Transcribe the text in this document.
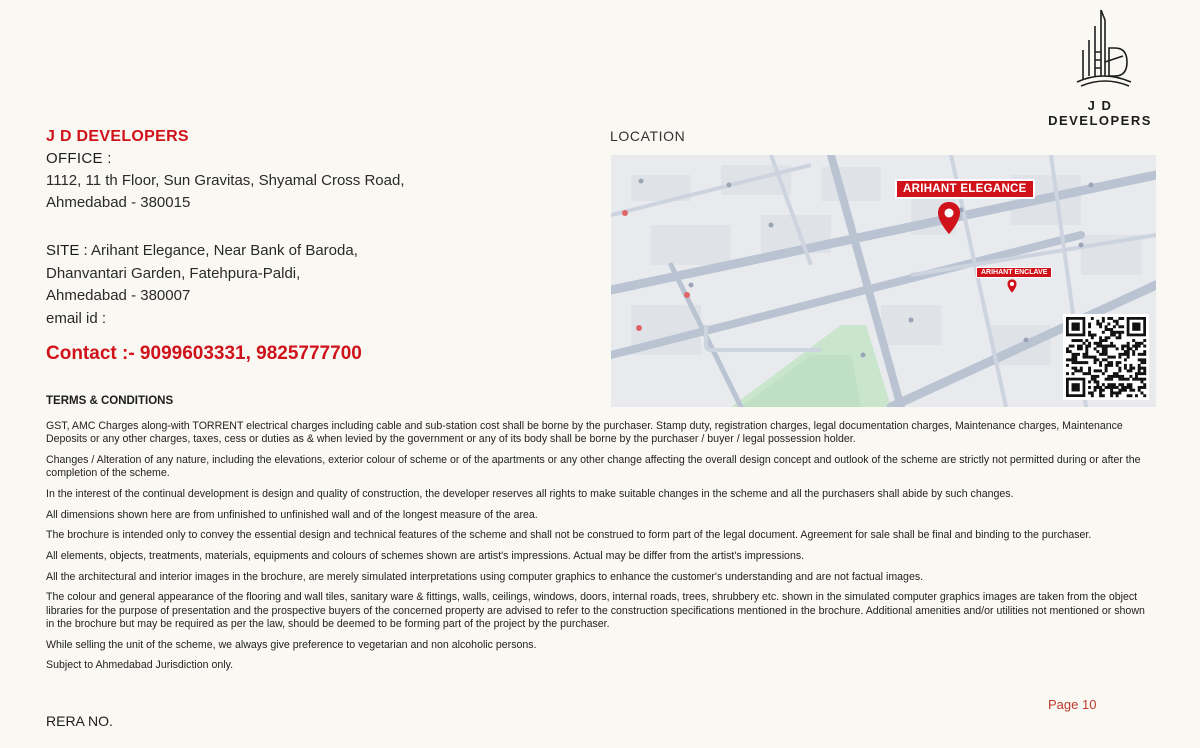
J D DEVELOPERS
J D DEVELOPERS
OFFICE :
1112, 11 th Floor, Sun Gravitas, Shyamal Cross Road,
Ahmedabad - 380015
SITE : Arihant Elegance, Near Bank of Baroda,
Dhanvantari Garden, Fatehpura-Paldi,
Ahmedabad - 380007
email id :
Contact :- 9099603331, 9825777700
LOCATION
ARIHANT ELEGANCE
ARIHANT ENCLAVE
SCAN FOR
LOCATION
TERMS & CONDITIONS

GST, AMC Charges along-with TORRENT electrical charges including cable and sub-station cost shall be borne by the purchaser. Stamp duty, registration charges, legal documentation charges, Maintenance charges, Maintenance Deposits or any other charges, taxes, cess or duties as & when levied by the government or any of its body shall be borne by the purchaser / buyer / legal possession holder.

Changes / Alteration of any nature, including the elevations, exterior colour of scheme or of the apartments or any other change affecting the overall design concept and outlook of the scheme are strictly not permitted during or after the completion of the scheme.

In the interest of the continual development is design and quality of construction, the developer reserves all rights to make suitable changes in the scheme and all the purchasers shall abide by such changes.

All dimensions shown here are from unfinished to unfinished wall and of the longest measure of the area.

The brochure is intended only to convey the essential design and technical features of the scheme and shall not be construed to form part of the legal document. Agreement for sale shall be final and binding to the purchaser.

All elements, objects, treatments, materials, equipments and colours of schemes shown are artist's impressions. Actual may be differ from the artist's impressions.

All the architectural and interior images in the brochure, are merely simulated interpretations using computer graphics to enhance the customer's understanding and are not factual images.

The colour and general appearance of the flooring and wall tiles, sanitary ware & fittings, walls, ceilings, windows, doors, internal roads, trees, shrubbery etc. shown in the simulated computer graphics images are taken from the object libraries for the purpose of presentation and the prospective buyers of the concerned property are advised to refer to the construction specifications mentioned in the brochure. Additional amenities and/or utilities not mentioned or shown in the brochure but may be required as per the law, should be deemed to be forming part of the project by the purchaser.

While selling the unit of the scheme, we always give preference to vegetarian and non alcoholic persons.

Subject to Ahmedabad Jurisdiction only.

RERA NO.
Page 10
